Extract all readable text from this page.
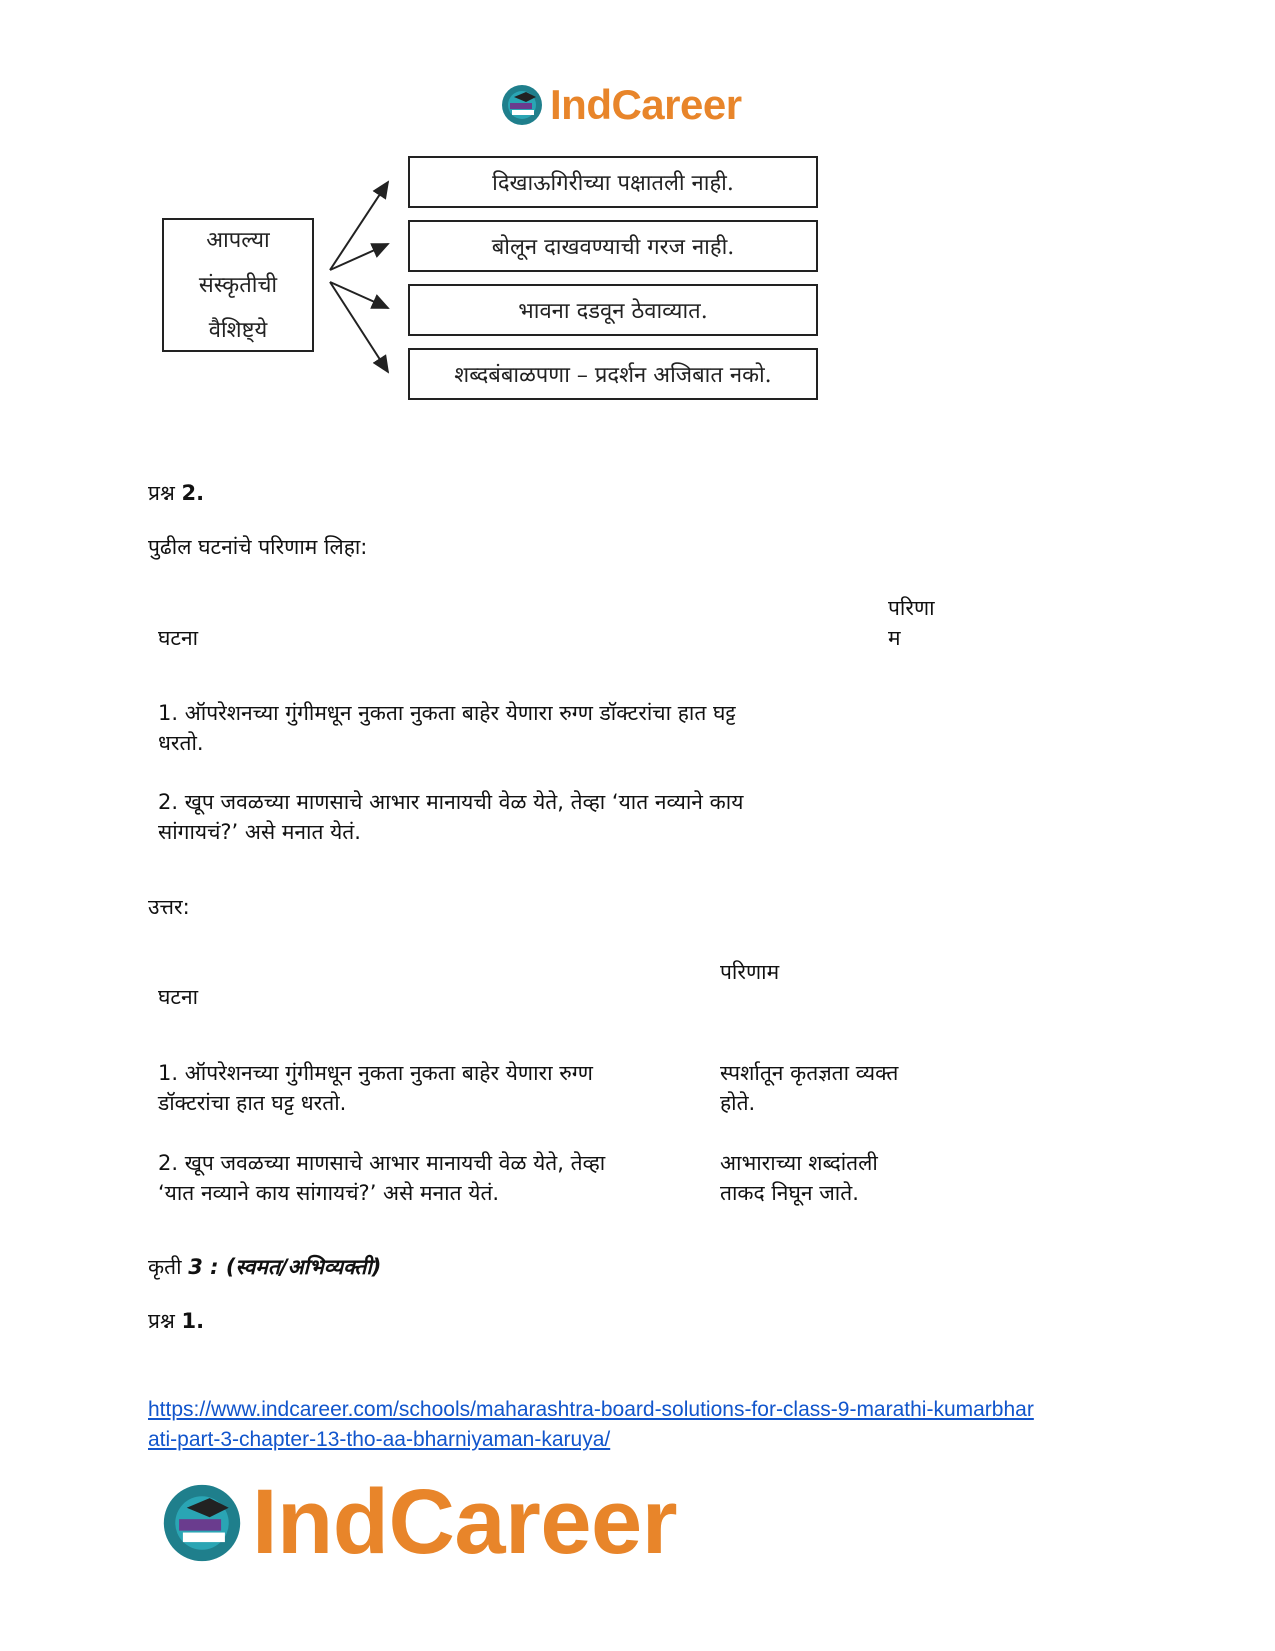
IndCareer
आपल्या
संस्कृतीची
वैशिष्ट्ये
दिखाऊगिरीच्या पक्षातली नाही.
बोलून दाखवण्याची गरज नाही.
भावना दडवून ठेवाव्यात.
शब्दबंबाळपणा – प्रदर्शन अजिबात नको.
प्रश्न 2.
पुढील घटनांचे परिणाम लिहा:
घटना
परिणा
म
1. ऑपरेशनच्या गुंगीमधून नुकता नुकता बाहेर येणारा रुग्ण डॉक्टरांचा हात घट्ट
धरतो.
2. खूप जवळच्या माणसाचे आभार मानायची वेळ येते, तेव्हा ‘यात नव्याने काय
सांगायचं?’ असे मनात येतं.
उत्तर:
घटना
परिणाम
1. ऑपरेशनच्या गुंगीमधून नुकता नुकता बाहेर येणारा रुग्ण
डॉक्टरांचा हात घट्ट धरतो.
स्पर्शातून कृतज्ञता व्यक्त
होते.
2. खूप जवळच्या माणसाचे आभार मानायची वेळ येते, तेव्हा
‘यात नव्याने काय सांगायचं?’ असे मनात येतं.
आभाराच्या शब्दांतली
ताकद निघून जाते.
कृती 3 : (स्वमत/अभिव्यक्ती)
प्रश्न 1.
https://www.indcareer.com/schools/maharashtra-board-solutions-for-class-9-marathi-kumarbhar
ati-part-3-chapter-13-tho-aa-bharniyaman-karuya/
IndCareer
